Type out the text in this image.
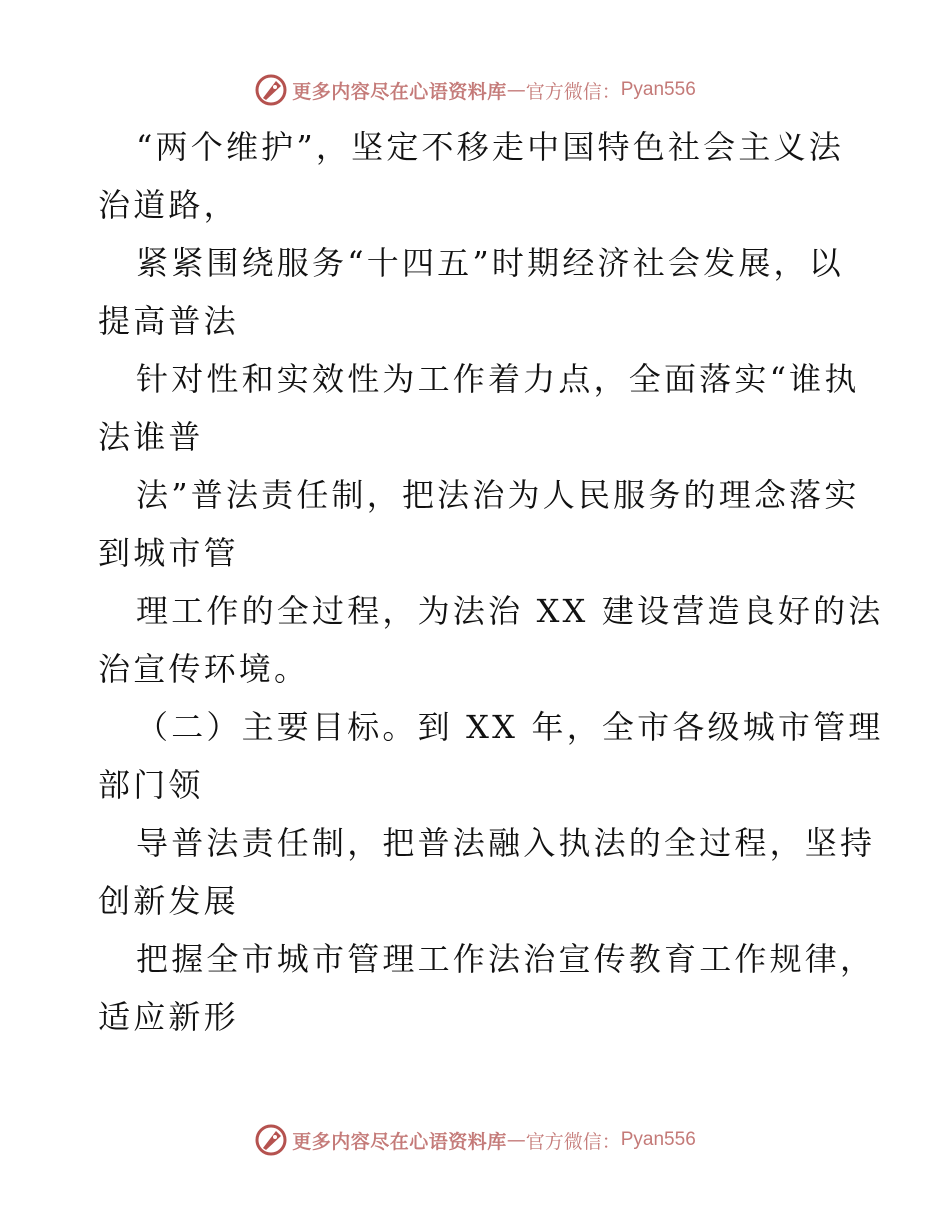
更多内容尽在心语资料库 — 官方微信： Pyan556

“两个维护”，坚定不移走中国特色社会主义法
治道路，

紧紧围绕服务“十四五”时期经济社会发展，以
提高普法

针对性和实效性为工作着力点，全面落实“谁执
法谁普

法”普法责任制，把法治为人民服务的理念落实
到城市管

理工作的全过程，为法治 XX 建设营造良好的法
治宣传环境。

（二）主要目标。到 XX 年，全市各级城市管理
部门领

导普法责任制，把普法融入执法的全过程，坚持
创新发展

把握全市城市管理工作法治宣传教育工作规律，
适应新形

更多内容尽在心语资料库 — 官方微信： Pyan556
